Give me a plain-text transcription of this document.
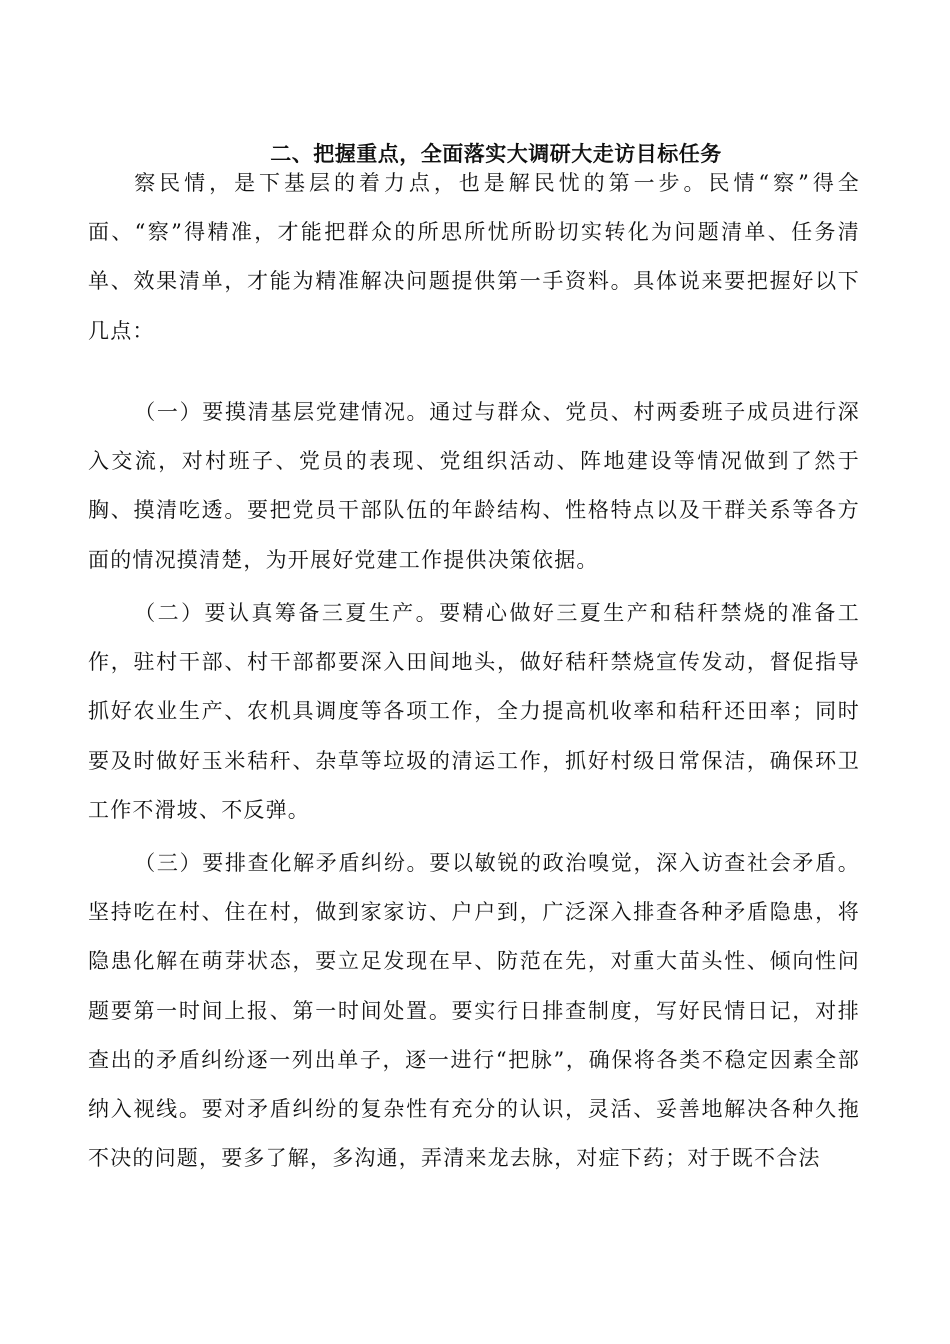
二、把握重点，全面落实大调研大走访目标任务

察民情，是下基层的着力点，也是解民忧的第一步。民情“察”得全面、“察”得精准，才能把群众的所思所忧所盼切实转化为问题清单、任务清单、效果清单，才能为精准解决问题提供第一手资料。具体说来要把握好以下几点：

（一）要摸清基层党建情况。通过与群众、党员、村两委班子成员进行深入交流，对村班子、党员的表现、党组织活动、阵地建设等情况做到了然于胸、摸清吃透。要把党员干部队伍的年龄结构、性格特点以及干群关系等各方面的情况摸清楚，为开展好党建工作提供决策依据。

（二）要认真筹备三夏生产。要精心做好三夏生产和秸秆禁烧的准备工作，驻村干部、村干部都要深入田间地头，做好秸秆禁烧宣传发动，督促指导抓好农业生产、农机具调度等各项工作，全力提高机收率和秸秆还田率；同时要及时做好玉米秸秆、杂草等垃圾的清运工作，抓好村级日常保洁，确保环卫工作不滑坡、不反弹。

（三）要排查化解矛盾纠纷。要以敏锐的政治嗅觉，深入访查社会矛盾。坚持吃在村、住在村，做到家家访、户户到，广泛深入排查各种矛盾隐患，将隐患化解在萌芽状态，要立足发现在早、防范在先，对重大苗头性、倾向性问题要第一时间上报、第一时间处置。要实行日排查制度，写好民情日记，对排查出的矛盾纠纷逐一列出单子，逐一进行“把脉”，确保将各类不稳定因素全部纳入视线。要对矛盾纠纷的复杂性有充分的认识，灵活、妥善地解决各种久拖不决的问题，要多了解，多沟通，弄清来龙去脉，对症下药；对于既不合法
